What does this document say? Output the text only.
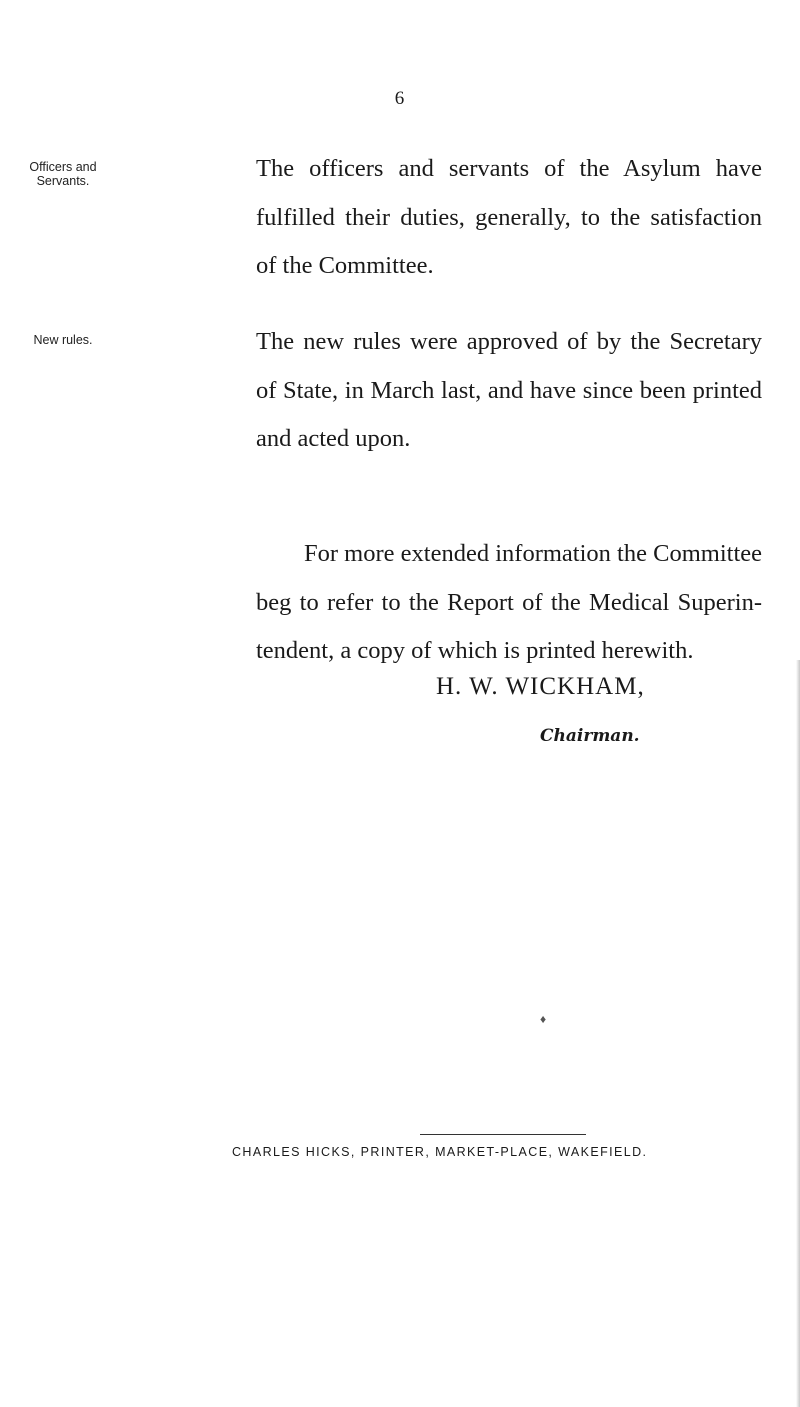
6
Officers and Servants.	The officers and servants of the Asylum have fulfilled their duties, generally, to the satisfaction of the Committee.

New rules.	The new rules were approved of by the Secretary of State, in March last, and have since been printed and acted upon.

For more extended information the Committee beg to refer to the Report of the Medical Superin- tendent, a copy of which is printed herewith.

H. W. WICKHAM,
Chairman.
♦
CHARLES HICKS, PRINTER, MARKET-PLACE, WAKEFIELD.
